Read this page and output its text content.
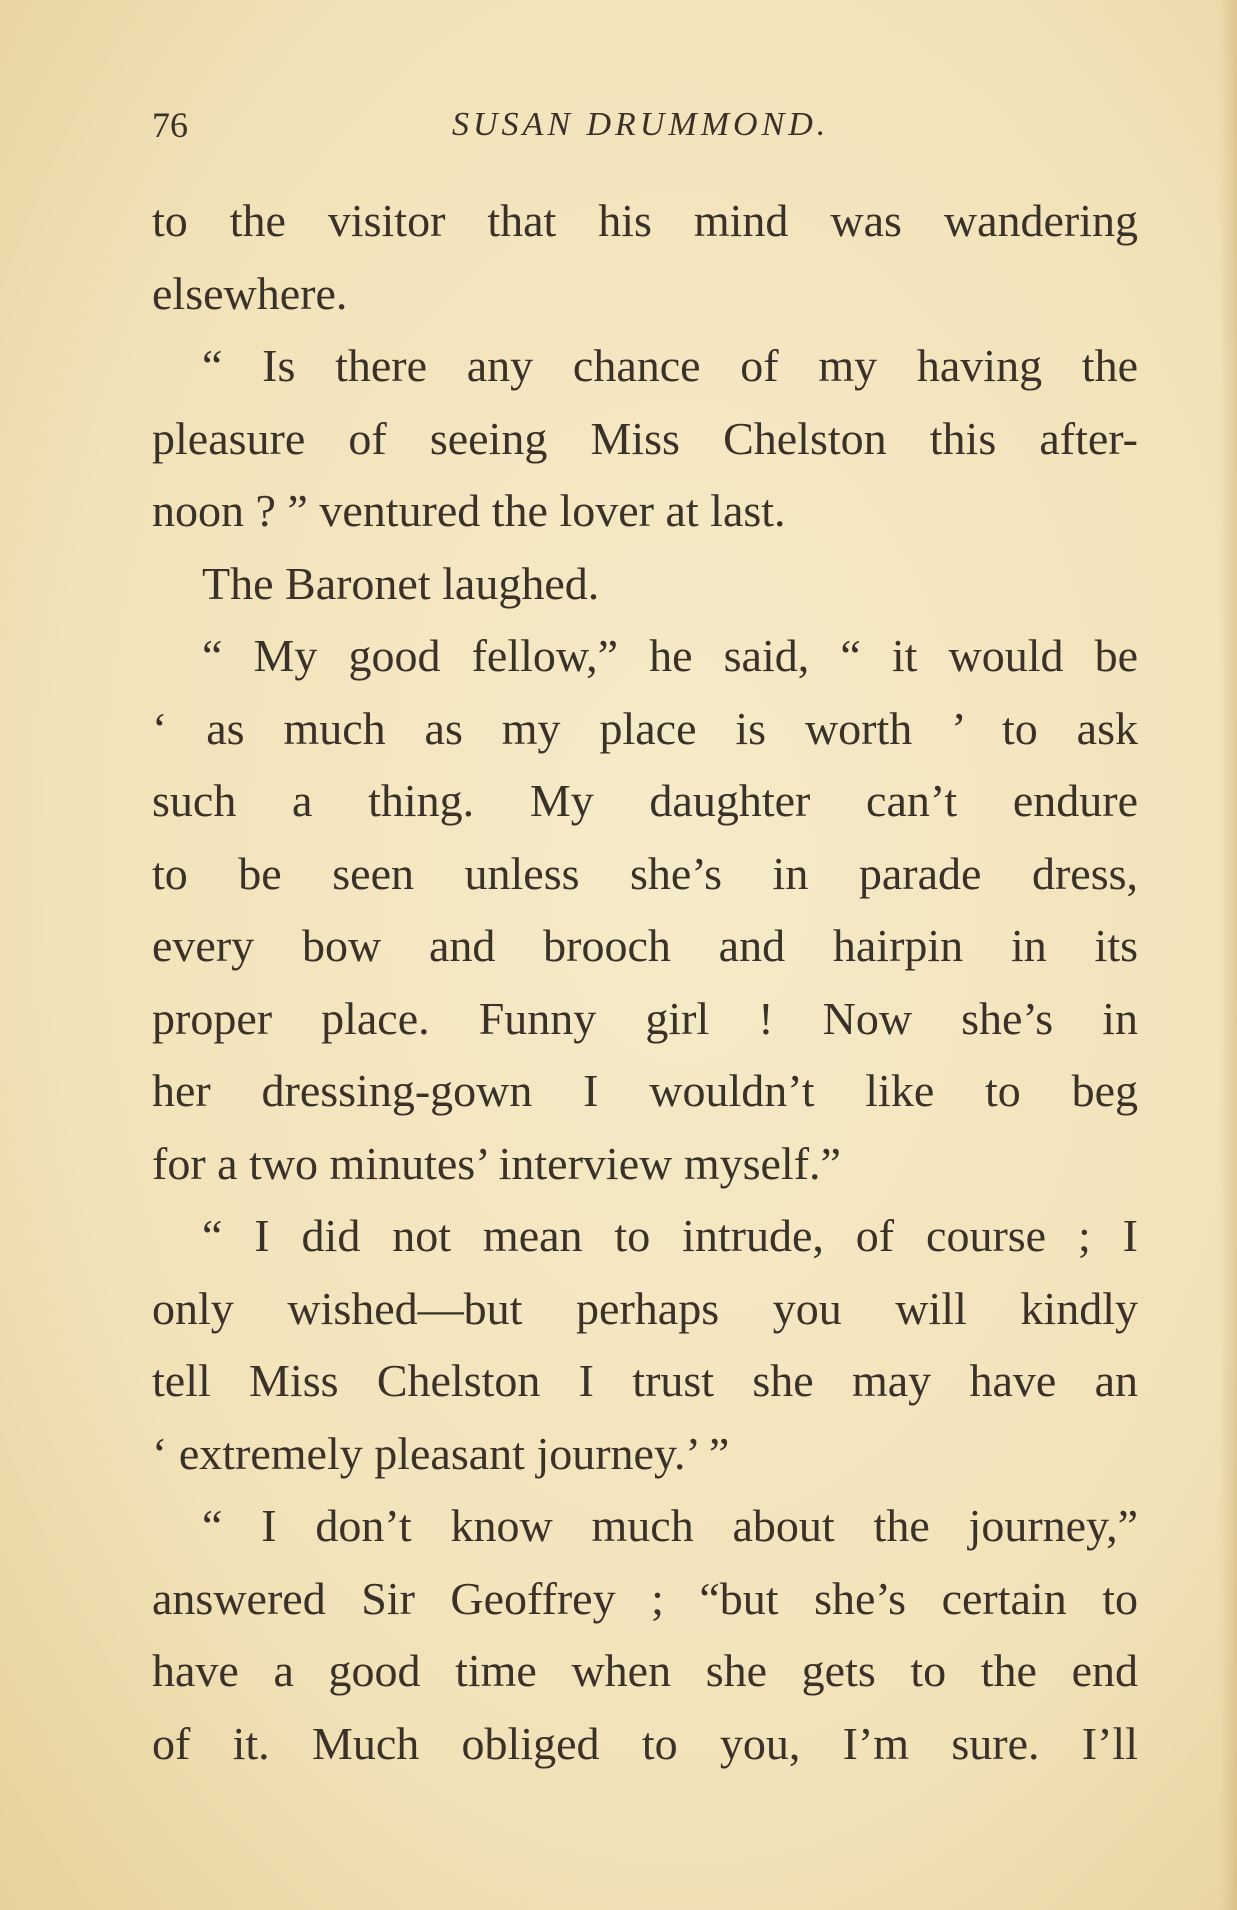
76	SUSAN DRUMMOND.
to the visitor that his mind was wandering
elsewhere.
“ Is there any chance of my having the
pleasure of seeing Miss Chelston this after-
noon ? ” ventured the lover at last.
The Baronet laughed.
“ My good fellow,” he said, “ it would be
‘ as much as my place is worth ’ to ask
such a thing. My daughter can’t endure
to be seen unless she’s in parade dress,
every bow and brooch and hairpin in its
proper place. Funny girl ! Now she’s in
her dressing-gown I wouldn’t like to beg
for a two minutes’ interview myself.”
“ I did not mean to intrude, of course ; I
only wished—but perhaps you will kindly
tell Miss Chelston I trust she may have an
‘ extremely pleasant journey.’ ”
“ I don’t know much about the journey,”
answered Sir Geoffrey ; “but she’s certain to
have a good time when she gets to the end
of it. Much obliged to you, I’m sure. I’ll
